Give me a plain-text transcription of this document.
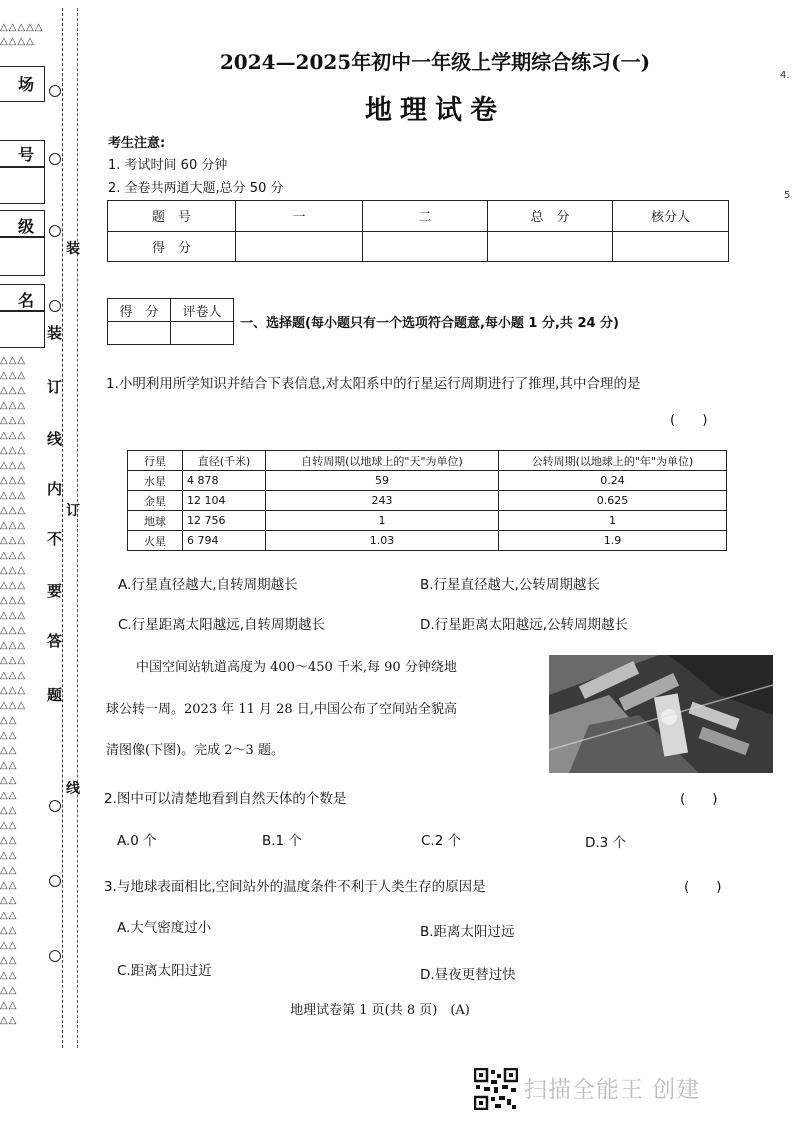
△△△△△
△△△△
场
号
级
名
△△△
△△△
△△△
△△△
△△△
△△△
△△△
△△△
△△△
△△△
△△△
△△△
△△△
△△△
△△△
△△△
△△△
△△△
△△△
△△△
△△△
△△△
△△△
△△△
△△
△△
△△
△△
△△
△△
△△
△△
△△
△△
△△
△△
△△
△△
△△
△△
△△
△△
△△
△△
△△
装
订
线
内
不
要
答
题
装
订
线
4.
5
2024—2025年初中一年级上学期综合练习(一)
地理试卷
考生注意:
1. 考试时间 60 分钟
2. 全卷共两道大题,总分 50 分
题　号	一	二	总　分	核分人
得　分				
得　分	评卷人

一、选择题(每小题只有一个选项符合题意,每小题 1 分,共 24 分)
1.小明利用所学知识并结合下表信息,对太阳系中的行星运行周期进行了推理,其中合理的是
(　　)
行星	直径(千米)	自转周期(以地球上的"天"为单位)	公转周期(以地球上的"年"为单位)
水星	4 878	59	0.24
金星	12 104	243	0.625
地球	12 756	1	1
火星	6 794	1.03	1.9
A.行星直径越大,自转周期越长	B.行星直径越大,公转周期越长
C.行星距离太阳越远,自转周期越长	D.行星距离太阳越远,公转周期越长
中国空间站轨道高度为 400～450 千米,每 90 分钟绕地
球公转一周。2023 年 11 月 28 日,中国公布了空间站全貌高
清图像(下图)。完成 2～3 题。
2.图中可以清楚地看到自然天体的个数是	(　　)
A.0 个	B.1 个	C.2 个	D.3 个
3.与地球表面相比,空间站外的温度条件不利于人类生存的原因是	(　　)
A.大气密度过小	B.距离太阳过远
C.距离太阳过近	D.昼夜更替过快
地理试卷第 1 页(共 8 页)　(A)
扫描全能王 创建
